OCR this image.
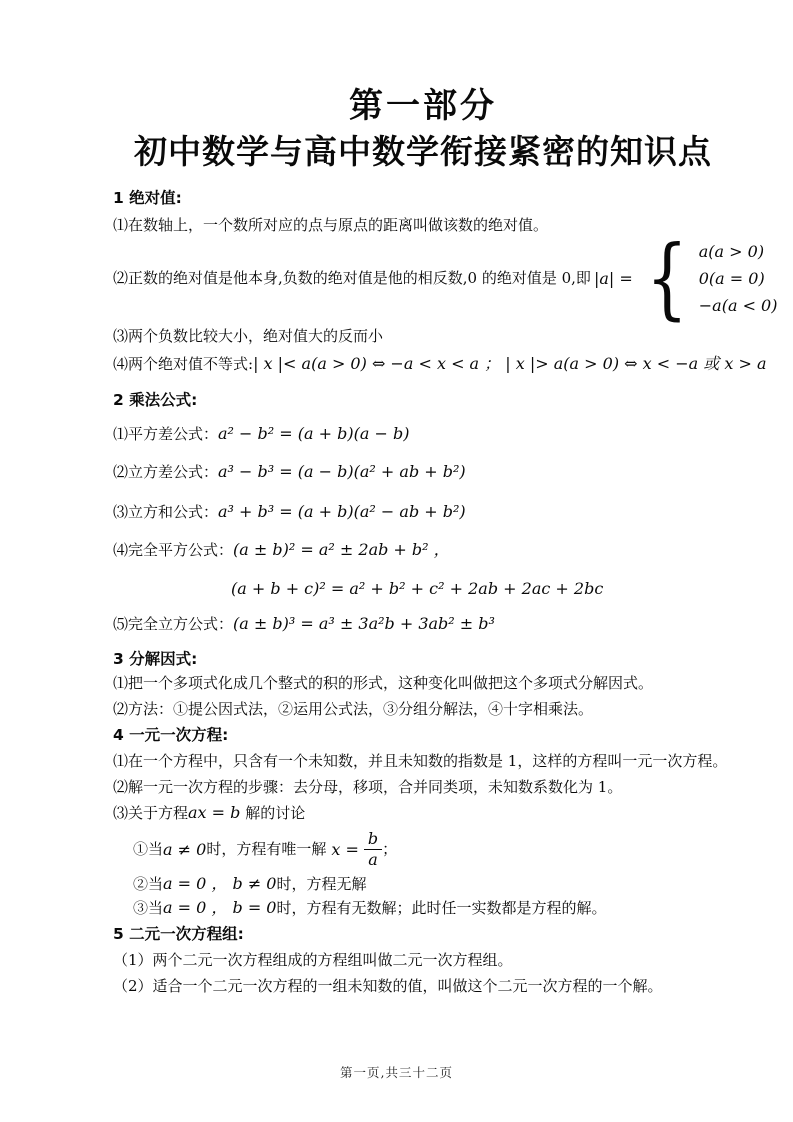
第一部分
初中数学与高中数学衔接紧密的知识点
1 绝对值:
⑴在数轴上，一个数所对应的点与原点的距离叫做该数的绝对值。
⑵正数的绝对值是他本身,负数的绝对值是他的相反数,0 的绝对值是 0,即 |a| = { a(a > 0)
0(a = 0)
−a(a < 0)
⑶两个负数比较大小，绝对值大的反而小
⑷两个绝对值不等式:| x |< a(a > 0) ⇔ −a < x < a ； | x |> a(a > 0) ⇔ x < −a 或 x > a
2 乘法公式:
⑴平方差公式：a² − b² = (a + b)(a − b)
⑵立方差公式：a³ − b³ = (a − b)(a² + ab + b²)
⑶立方和公式：a³ + b³ = (a + b)(a² − ab + b²)
⑷完全平方公式：(a ± b)² = a² ± 2ab + b² ，
(a + b + c)² = a² + b² + c² + 2ab + 2ac + 2bc
⑸完全立方公式：(a ± b)³ = a³ ± 3a²b + 3ab² ± b³
3 分解因式:
⑴把一个多项式化成几个整式的积的形式，这种变化叫做把这个多项式分解因式。
⑵方法：①提公因式法，②运用公式法，③分组分解法，④十字相乘法。
4 一元一次方程:
⑴在一个方程中，只含有一个未知数，并且未知数的指数是 1，这样的方程叫一元一次方程。
⑵解一元一次方程的步骤：去分母，移项，合并同类项，未知数系数化为 1。
⑶关于方程ax = b 解的讨论
①当 a ≠ 0 时，方程有唯一解 $x = \frac{b}{a}$ ；
②当a = 0 ， b ≠ 0时，方程无解
③当a = 0 ， b = 0时，方程有无数解；此时任一实数都是方程的解。
5 二元一次方程组:
（1）两个二元一次方程组成的方程组叫做二元一次方程组。
（2）适合一个二元一次方程的一组未知数的值，叫做这个二元一次方程的一个解。
第一页,共三十二页
